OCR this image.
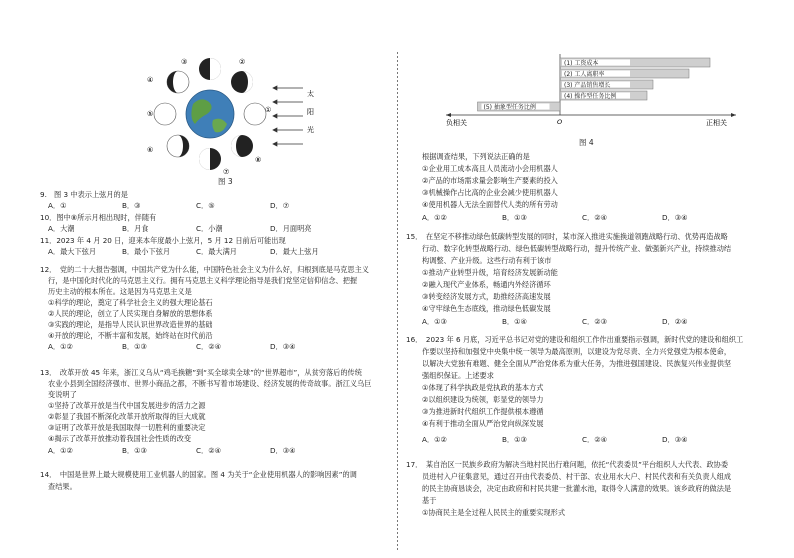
①
②
③
④
⑤
⑥
⑦
⑧
太
阳
光
图 3
9.　图 3 中表示上弦月的是
A．①	B．③	C．⑤	D．⑦
10．图中⑧所示月相出现时，伴随有
A．大潮	B．月食	C．小潮	D．月面明亮
11．2023 年 4 月 20 日，迎来本年度最小上弦月，5 月 12 日前后可能出现
A．最大下弦月	B．最小下弦月	C．最大满月	D．最大上弦月
12．　党的二十大报告强调，中国共产党为什么能，中国特色社会主义为什么好，归根到底是马克思主义
行，是中国化时代化的马克思主义行。拥有马克思主义科学理论指导是我们党坚定信仰信念、把握
历史主动的根本所在。这是因为马克思主义是
①科学的理论，奠定了科学社会主义的强大理论基石
②人民的理论，创立了人民实现自身解放的思想体系
③实践的理论，是指导人民认识世界改造世界的基础
④开放的理论，不断丰富和发展，始终站在时代前沿
A．①②	B．①③	C．②④	D．③④
13．　改革开放 45 年来，浙江义乌从“鸡毛换糖”到“买全球卖全球”的“世界超市”，从贫穷落后的传统
农业小县到全国经济强市、世界小商品之都，不断书写着市场建设、经济发展的传奇故事。浙江义乌巨
变说明了
①坚持了改革开放是当代中国发展进步的活力之源
②彰显了我国不断深化改革开放所取得的巨大成就
③证明了改革开放是我国取得一切胜利的重要决定
④揭示了改革开放推动着我国社会性质的改变
A．①②	B．①③	C．②④	D．③④
14．　中国是世界上最大规模使用工业机器人的国家。图 4 为关于“企业使用机器人的影响因素”的调
查结果。
(1) 工资成本
(2) 工人离职率
(3) 产品销售增长
(4) 操作型任务比例
(5) 抽象型任务比例
O
负相关	正相关
图 4
根据调查结果，下列说法正确的是
①企业用工成本高且人员流动小会用机器人
②产品的市场需求量会影响生产要素的投入
③机械操作占比高的企业会减少使用机器人
④使用机器人无法全面替代人类的所有劳动
A．①②	B．①③	C．②④	D．③④
15．　在坚定不移推动绿色低碳转型发展的同时，某市深入推进实施换道领跑战略行动、优势再造战略
行动、数字化转型战略行动、绿色低碳转型战略行动，提升传统产业、做强新兴产业，持续推动结
构调整、产业升级。这些行动有利于该市
①推动产业转型升级，培育经济发展新动能
②融入现代产业体系，畅通内外经济循环
③转变经济发展方式，助推经济高速发展
④守牢绿色生态底线，推动绿色低碳发展
A．①③	B．①④	C．②③	D．②④
16．　2023 年 6 月底，习近平总书记对党的建设和组织工作作出重要指示强调，新时代党的建设和组织工
作要以坚持和加强党中央集中统一领导为最高原则，以建设为党尽责、全力兴党强党为根本使命，
以解决大党独有难题、健全全面从严治党体系为重大任务，为推进强国建设、民族复兴伟业提供坚
强组织保证。上述要求
①体现了科学执政是党执政的基本方式
②以组织建设为统领，彰显党的领导力
③为推进新时代组织工作提供根本遵循
④有利于推动全面从严治党向纵深发展
A．①②	B．①③	C．②④	D．③④
17．　某自治区一民族乡政府为解决当地村民出行难问题，依托“代表委员”平台组织人大代表、政协委
员进村入户征集意见，通过召开由代表委员、村干部、农业用水大户、村民代表和有关负责人组成
的民主协商恳谈会，决定由政府和村民共建一批灌水池，取得令人满意的效果。该乡政府的做法是
基于
①协商民主是全过程人民民主的重要实现形式
